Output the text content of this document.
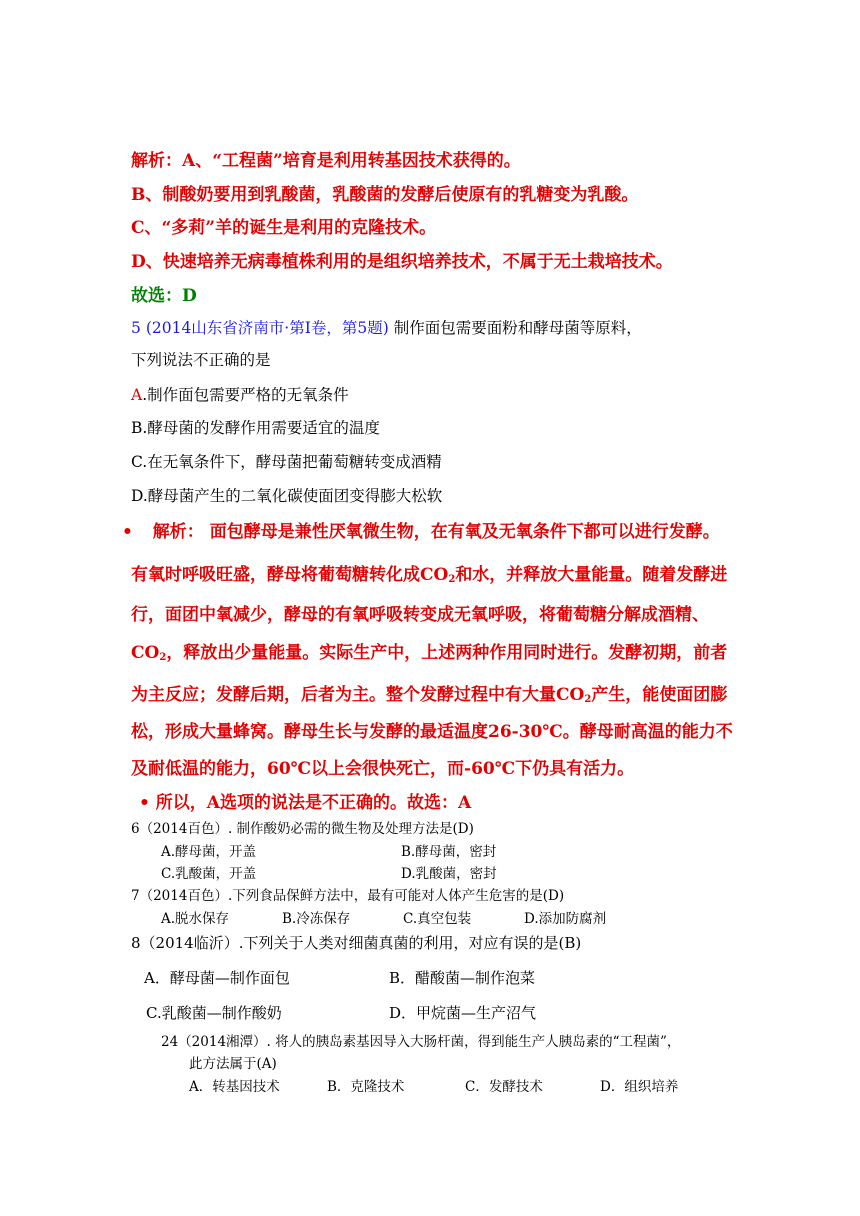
解析：A、“工程菌”培育是利用转基因技术获得的。
B、制酸奶要用到乳酸菌，乳酸菌的发酵后使原有的乳糖变为乳酸。
C、“多莉”羊的诞生是利用的克隆技术。
D、快速培养无病毒植株利用的是组织培养技术，不属于无土栽培技术。
故选：D
5 (2014山东省济南市·第Ⅰ卷，第5题) 制作面包需要面粉和酵母菌等原料，
下列说法不正确的是
A.制作面包需要严格的无氧条件
B.酵母菌的发酵作用需要适宜的温度
C.在无氧条件下，酵母菌把葡萄糖转变成酒精
D.酵母菌产生的二氧化碳使面团变得膨大松软
• 解析： 面包酵母是兼性厌氧微生物，在有氧及无氧条件下都可以进行发酵。
有氧时呼吸旺盛，酵母将葡萄糖转化成$CO_2$和水，并释放大量能量。随着发酵进
行，面团中氧减少，酵母的有氧呼吸转变成无氧呼吸，将葡萄糖分解成酒精、
$CO_2$，释放出少量能量。实际生产中，上述两种作用同时进行。发酵初期，前者
为主反应；发酵后期，后者为主。整个发酵过程中有大量$CO_2$产生，能使面团膨
松，形成大量蜂窝。酵母生长与发酵的最适温度26-30℃。酵母耐高温的能力不
及耐低温的能力，60℃以上会很快死亡，而-60℃下仍具有活力。
• 所以，A选项的说法是不正确的。故选：A
6（2014百色）. 制作酸奶必需的微生物及处理方法是(D)
A.酵母菌，开盖	B.酵母菌，密封
C.乳酸菌，开盖	D.乳酸菌，密封
7（2014百色）.下列食品保鲜方法中，最有可能对人体产生危害的是(D)
A.脱水保存	B.冷冻保存	C.真空包装	D.添加防腐剂
8（2014临沂）.下列关于人类对细菌真菌的利用，对应有误的是(B)
A．酵母菌—制作面包	B．醋酸菌—制作泡菜
C.乳酸菌—制作酸奶	D．甲烷菌—生产沼气
24（2014湘潭）. 将人的胰岛素基因导入大肠杆菌，得到能生产人胰岛素的“工程菌”，
此方法属于(A)
A．转基因技术	B．克隆技术	C．发酵技术	D．组织培养
